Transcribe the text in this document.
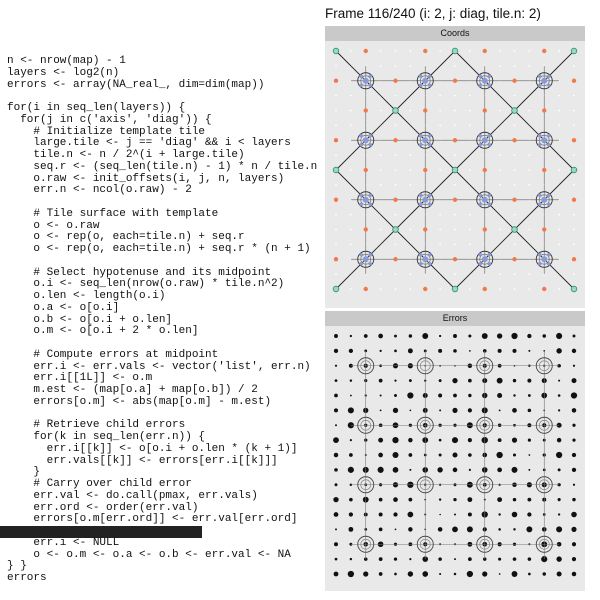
n <- nrow(map) - 1
layers <- log2(n)
errors <- array(NA_real_, dim=dim(map))
for(i in seq_len(layers)) {
for(j in c('axis', 'diag')) {
# Initialize template tile
large.tile <- j == 'diag' && i < layers
tile.n <- n / 2^(i + large.tile)
seq.r <- (seq_len(tile.n) - 1) * n / tile.n
o.raw <- init_offsets(i, j, n, layers)
err.n <- ncol(o.raw) - 2
# Tile surface with template
o <- o.raw
o <- rep(o, each=tile.n) + seq.r
o <- rep(o, each=tile.n) + seq.r * (n + 1)
# Select hypotenuse and its midpoint
o.i <- seq_len(nrow(o.raw) * tile.n^2)
o.len <- length(o.i)
o.a <- o[o.i]
o.b <- o[o.i + o.len]
o.m <- o[o.i + 2 * o.len]
# Compute errors at midpoint
err.i <- err.vals <- vector('list', err.n)
err.i[[1L]] <- o.m
m.est <- (map[o.a] + map[o.b]) / 2
errors[o.m] <- abs(map[o.m] - m.est)
# Retrieve child errors
for(k in seq_len(err.n)) {
err.i[[k]] <- o[o.i + o.len * (k + 1)]
err.vals[[k]] <- errors[err.i[[k]]]
}
# Carry over child error
err.val <- do.call(pmax, err.vals)
err.ord <- order(err.val)
errors[o.m[err.ord]] <- err.val[err.ord]
err.i <- NULL
o <- o.m <- o.a <- o.b <- err.val <- NA
} }
errors
Frame 116/240 (i: 2, j: diag, tile.n: 2)
Coords
Errors
